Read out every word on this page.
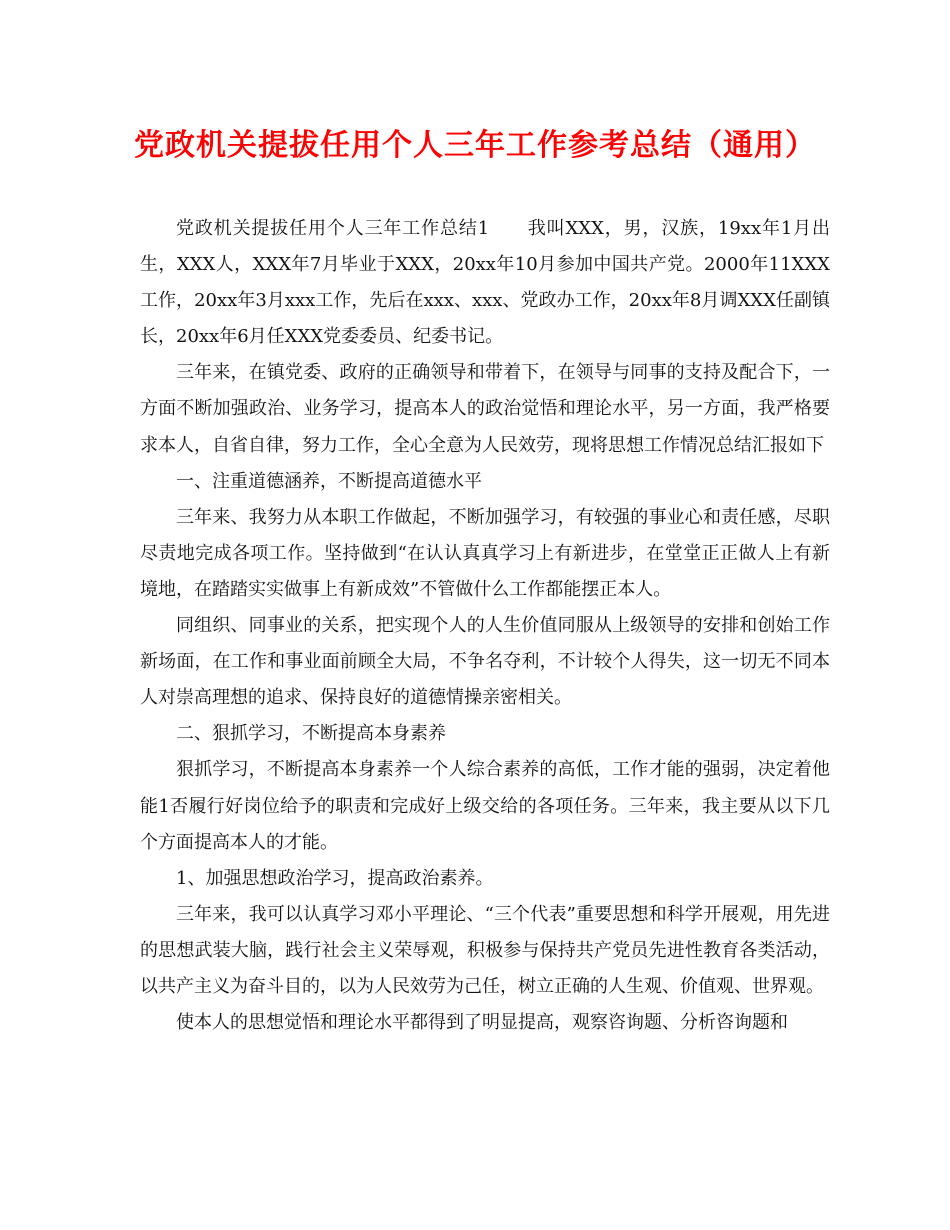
党政机关提拔任用个人三年工作参考总结（通用）

党政机关提拔任用个人三年工作总结1　　我叫XXX，男，汉族，19xx年1月出生，XXX人，XXX年7月毕业于XXX，20xx年10月参加中国共产党。2000年11XXX工作，20xx年3月xxx工作，先后在xxx、xxx、党政办工作，20xx年8月调XXX任副镇长，20xx年6月任XXX党委委员、纪委书记。

三年来，在镇党委、政府的正确领导和带着下，在领导与同事的支持及配合下，一方面不断加强政治、业务学习，提高本人的政治觉悟和理论水平，另一方面，我严格要求本人，自省自律，努力工作，全心全意为人民效劳，现将思想工作情况总结汇报如下

一、注重道德涵养，不断提高道德水平

三年来、我努力从本职工作做起，不断加强学习，有较强的事业心和责任感，尽职尽责地完成各项工作。坚持做到“在认认真真学习上有新进步，在堂堂正正做人上有新境地，在踏踏实实做事上有新成效”不管做什么工作都能摆正本人。

同组织、同事业的关系，把实现个人的人生价值同服从上级领导的安排和创始工作新场面，在工作和事业面前顾全大局，不争名夺利，不计较个人得失，这一切无不同本人对崇高理想的追求、保持良好的道德情操亲密相关。

二、狠抓学习，不断提高本身素养

狠抓学习，不断提高本身素养一个人综合素养的高低，工作才能的强弱，决定着他能1否履行好岗位给予的职责和完成好上级交给的各项任务。三年来，我主要从以下几个方面提高本人的才能。

1、加强思想政治学习，提高政治素养。

三年来，我可以认真学习邓小平理论、“三个代表”重要思想和科学开展观，用先进的思想武装大脑，践行社会主义荣辱观，积极参与保持共产党员先进性教育各类活动，以共产主义为奋斗目的，以为人民效劳为己任，树立正确的人生观、价值观、世界观。

使本人的思想觉悟和理论水平都得到了明显提高，观察咨询题、分析咨询题和
